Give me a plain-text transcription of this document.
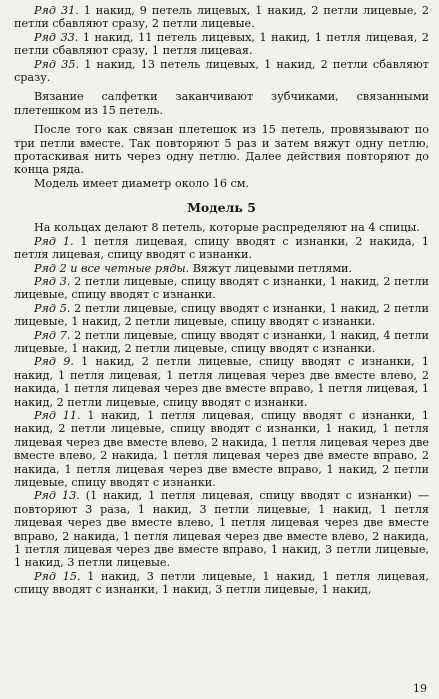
Ряд 31. 1 накид, 9 петель лицевых, 1 накид, 2 петли лицевые, 2 петли сбавляют сразу, 2 петли лицевые.

Ряд 33. 1 накид, 11 петель лицевых, 1 накид, 1 петля лицевая, 2 петли сбавляют сразу, 1 петля лицевая.

Ряд 35. 1 накид, 13 петель лицевых, 1 накид, 2 петли сбавляют сразу.

Вязание салфетки заканчивают зубчиками, связанными плетешком из 15 петель.

После того как связан плетешок из 15 петель, провязывают по три петли вместе. Так повторяют 5 раз и затем вяжут одну петлю, протаскивая нить через одну петлю. Далее действия повторяют до конца ряда.

Модель имеет диаметр около 16 см.

Модель 5

На кольцах делают 8 петель, которые распределяют на 4 спицы.

Ряд 1. 1 петля лицевая, спицу вводят с изнанки, 2 накида, 1 петля лицевая, спицу вводят с изнанки.

Ряд 2 и все четные ряды. Вяжут лицевыми петлями.

Ряд 3. 2 петли лицевые, спицу вводят с изнанки, 1 накид, 2 петли лицевые, спицу вводят с изнанки.

Ряд 5. 2 петли лицевые, спицу вводят с изнанки, 1 накид, 2 петли лицевые, 1 накид, 2 петли лицевые, спицу вводят с изнанки.

Ряд 7. 2 петли лицевые, спицу вводят с изнанки, 1 накид, 4 петли лицевые, 1 накид, 2 петли лицевые, спицу вводят с изнанки.

Ряд 9. 1 накид, 2 петли лицевые, спицу вводят с изнанки, 1 накид, 1 петля лицевая, 1 петля лицевая через две вместе влево, 2 накида, 1 петля лицевая через две вместе вправо, 1 петля лицевая, 1 накид, 2 петли лицевые, спицу вводят с изнанки.

Ряд 11. 1 накид, 1 петля лицевая, спицу вводят с изнанки, 1 накид, 2 петли лицевые, спицу вводят с изнанки, 1 накид, 1 петля лицевая через две вместе влево, 2 накида, 1 петля лицевая через две вместе влево, 2 накида, 1 петля лицевая через две вместе вправо, 2 накида, 1 петля лицевая через две вместе вправо, 1 накид, 2 петли лицевые, спицу вводят с изнанки.

Ряд 13. (1 накид, 1 петля лицевая, спицу вводят с изнанки) — повторяют 3 раза, 1 накид, 3 петли лицевые, 1 накид, 1 петля лицевая через две вместе влево, 1 петля лицевая через две вместе вправо, 2 накида, 1 петля лицевая через две вместе влево, 2 накида, 1 петля лицевая через две вместе вправо, 1 накид, 3 петли лицевые, 1 накид, 3 петли лицевые.

Ряд 15. 1 накид, 3 петли лицевые, 1 накид, 1 петля лицевая, спицу вводят с изнанки, 1 накид, 3 петли лицевые, 1 накид,

19
